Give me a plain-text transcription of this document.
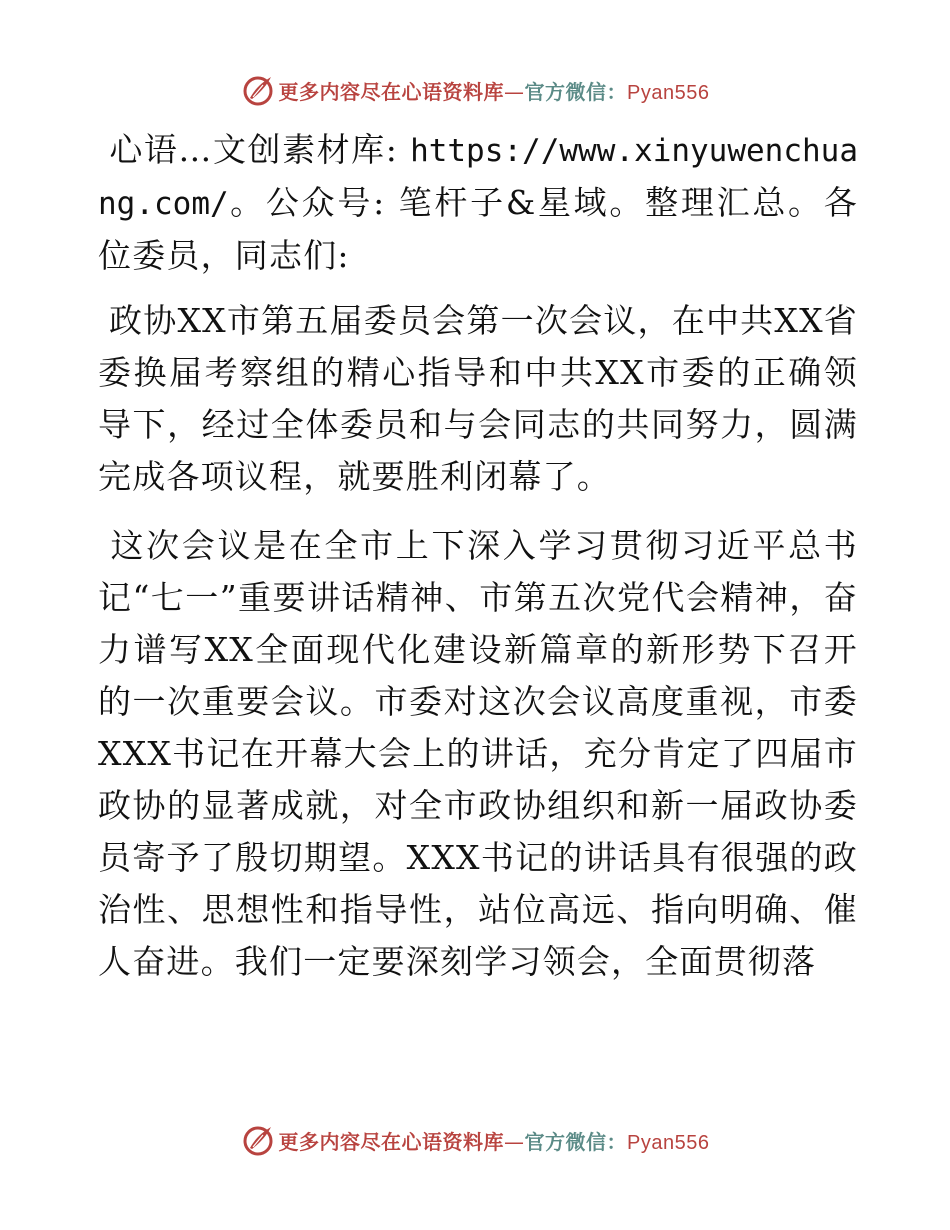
更多内容尽在心语资料库—官方微信：Pyan556

心语…文创素材库: https://www.xinyuwenchuang.com/。公众号: 笔杆子&星域。整理汇总。各位委员，同志们:

政协XX市第五届委员会第一次会议，在中共XX省委换届考察组的精心指导和中共XX市委的正确领导下，经过全体委员和与会同志的共同努力，圆满完成各项议程，就要胜利闭幕了。

这次会议是在全市上下深入学习贯彻习近平总书记“七一”重要讲话精神、市第五次党代会精神，奋力谱写XX全面现代化建设新篇章的新形势下召开的一次重要会议。市委对这次会议高度重视，市委XXX书记在开幕大会上的讲话，充分肯定了四届市政协的显著成就，对全市政协组织和新一届政协委员寄予了殷切期望。XXX书记的讲话具有很强的政治性、思想性和指导性，站位高远、指向明确、催人奋进。我们一定要深刻学习领会，全面贯彻落

更多内容尽在心语资料库—官方微信：Pyan556
